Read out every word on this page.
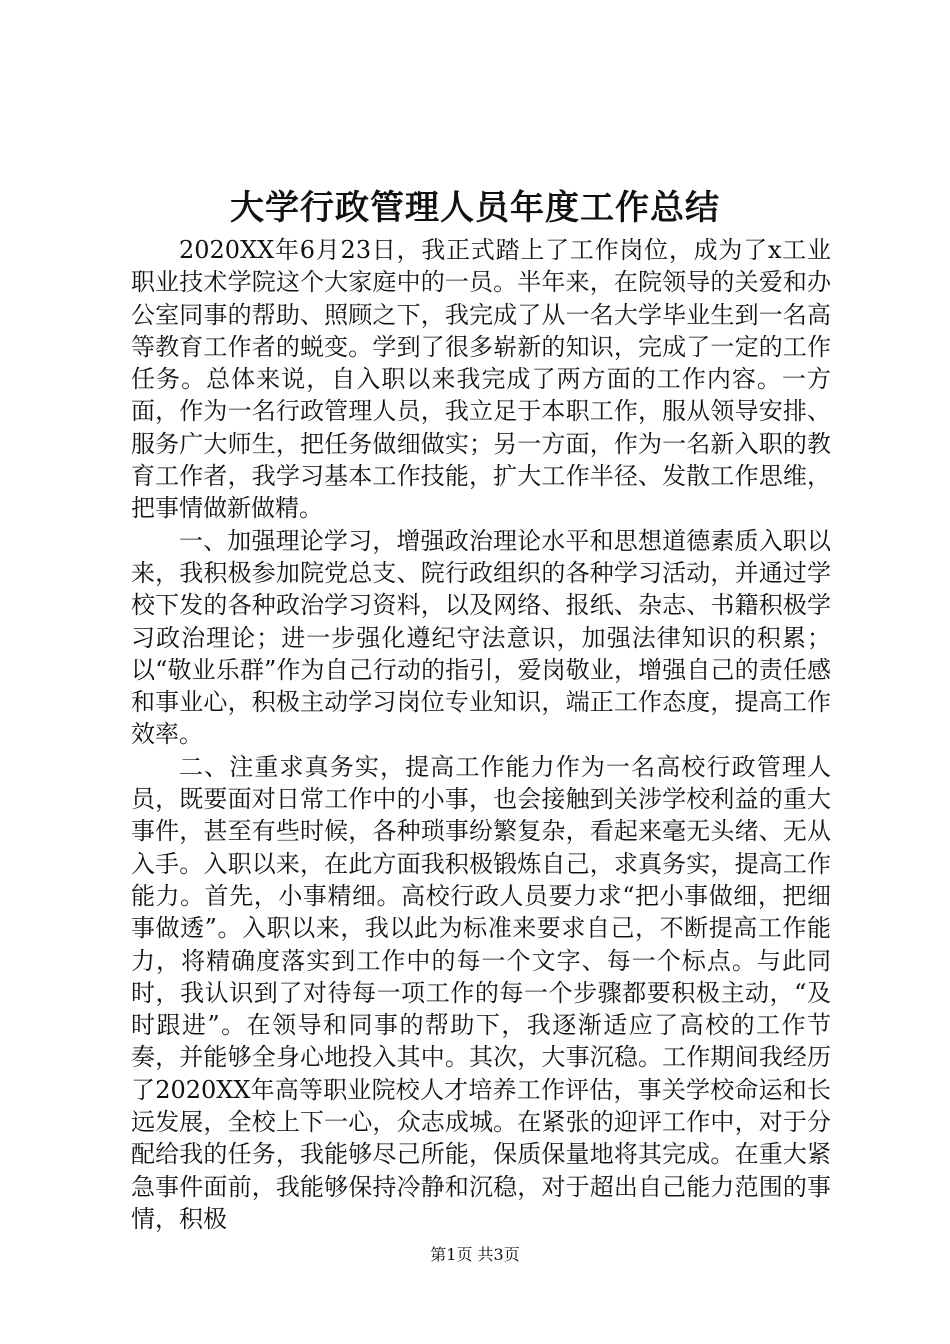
大学行政管理人员年度工作总结

2020XX年6月23日，我正式踏上了工作岗位，成为了x工业职业技术学院这个大家庭中的一员。半年来，在院领导的关爱和办公室同事的帮助、照顾之下，我完成了从一名大学毕业生到一名高等教育工作者的蜕变。学到了很多崭新的知识，完成了一定的工作任务。总体来说，自入职以来我完成了两方面的工作内容。一方面，作为一名行政管理人员，我立足于本职工作，服从领导安排、服务广大师生，把任务做细做实；另一方面，作为一名新入职的教育工作者，我学习基本工作技能，扩大工作半径、发散工作思维，把事情做新做精。

一、加强理论学习，增强政治理论水平和思想道德素质入职以来，我积极参加院党总支、院行政组织的各种学习活动，并通过学校下发的各种政治学习资料，以及网络、报纸、杂志、书籍积极学习政治理论；进一步强化遵纪守法意识，加强法律知识的积累；以“敬业乐群”作为自己行动的指引，爱岗敬业，增强自己的责任感和事业心，积极主动学习岗位专业知识，端正工作态度，提高工作效率。

二、注重求真务实，提高工作能力作为一名高校行政管理人员，既要面对日常工作中的小事，也会接触到关涉学校利益的重大事件，甚至有些时候，各种琐事纷繁复杂，看起来毫无头绪、无从入手。入职以来，在此方面我积极锻炼自己，求真务实，提高工作能力。首先，小事精细。高校行政人员要力求“把小事做细，把细事做透”。入职以来，我以此为标准来要求自己，不断提高工作能力，将精确度落实到工作中的每一个文字、每一个标点。与此同时，我认识到了对待每一项工作的每一个步骤都要积极主动，“及时跟进”。在领导和同事的帮助下，我逐渐适应了高校的工作节奏，并能够全身心地投入其中。其次，大事沉稳。工作期间我经历了2020XX年高等职业院校人才培养工作评估，事关学校命运和长远发展，全校上下一心，众志成城。在紧张的迎评工作中，对于分配给我的任务，我能够尽己所能，保质保量地将其完成。在重大紧急事件面前，我能够保持冷静和沉稳，对于超出自己能力范围的事情，积极

第1页 共3页
